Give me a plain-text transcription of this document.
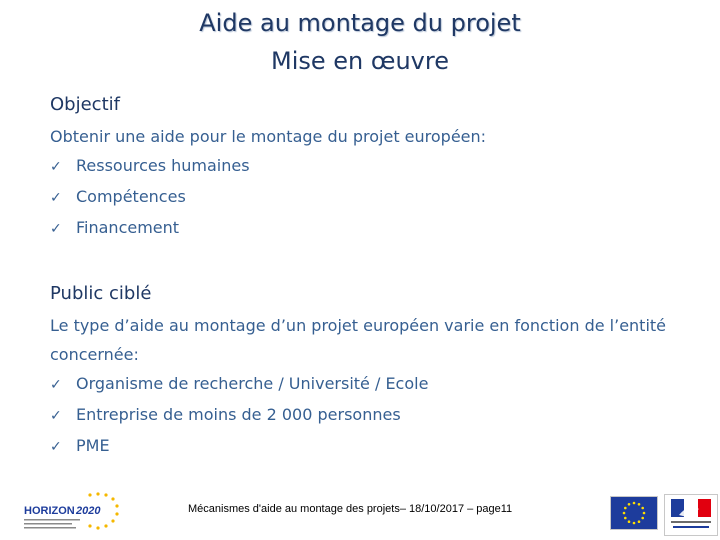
Aide au montage du projet
Mise en œuvre
Objectif
Obtenir une aide pour le montage du projet européen:
✓ Ressources humaines
✓ Compétences
✓ Financement
Public ciblé
Le type d’aide au montage d’un projet européen varie en fonction de l’entité
concernée:
✓ Organisme de recherche / Université / Ecole
✓ Entreprise de moins de 2 000 personnes
✓ PME
HORIZON 2020	Mécanismes d'aide au montage des projets– 18/10/2017 – page11
